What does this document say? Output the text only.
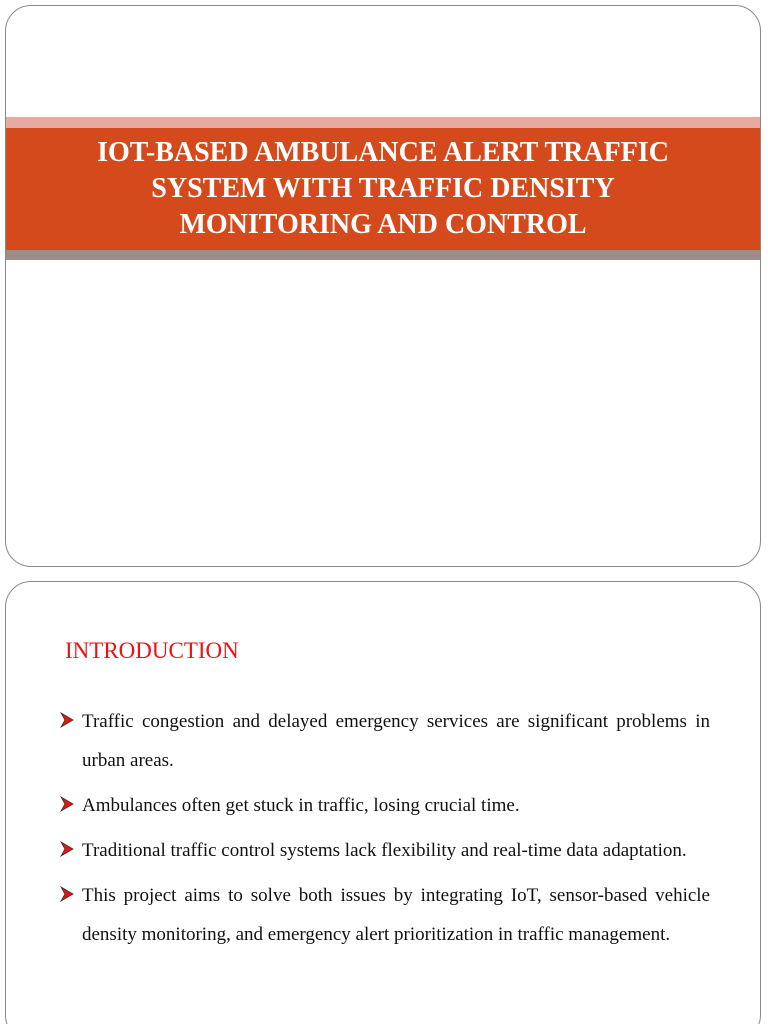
IOT-BASED AMBULANCE ALERT TRAFFIC SYSTEM WITH TRAFFIC DENSITY MONITORING AND CONTROL
INTRODUCTION
Traffic congestion and delayed emergency services are significant problems in urban areas.
Ambulances often get stuck in traffic, losing crucial time.
Traditional traffic control systems lack flexibility and real-time data adaptation.
This project aims to solve both issues by integrating IoT, sensor-based vehicle density monitoring, and emergency alert prioritization in traffic management.
